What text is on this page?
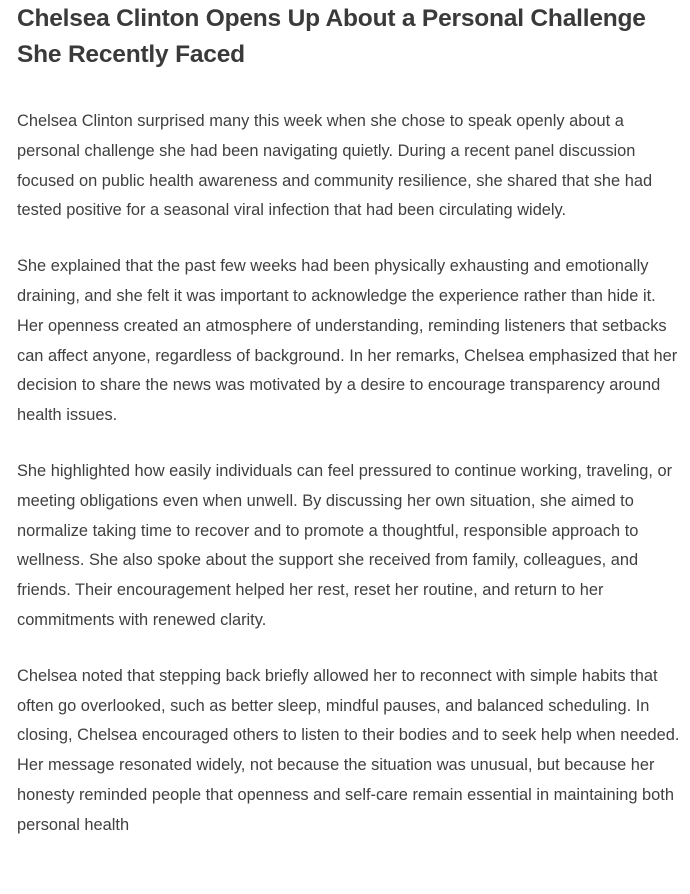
Chelsea Clinton Opens Up About a Personal Challenge She Recently Faced

Chelsea Clinton surprised many this week when she chose to speak openly about a personal challenge she had been navigating quietly. During a recent panel discussion focused on public health awareness and community resilience, she shared that she had tested positive for a seasonal viral infection that had been circulating widely.

She explained that the past few weeks had been physically exhausting and emotionally draining, and she felt it was important to acknowledge the experience rather than hide it. Her openness created an atmosphere of understanding, reminding listeners that setbacks can affect anyone, regardless of background. In her remarks, Chelsea emphasized that her decision to share the news was motivated by a desire to encourage transparency around health issues.

She highlighted how easily individuals can feel pressured to continue working, traveling, or meeting obligations even when unwell. By discussing her own situation, she aimed to normalize taking time to recover and to promote a thoughtful, responsible approach to wellness. She also spoke about the support she received from family, colleagues, and friends. Their encouragement helped her rest, reset her routine, and return to her commitments with renewed clarity.

Chelsea noted that stepping back briefly allowed her to reconnect with simple habits that often go overlooked, such as better sleep, mindful pauses, and balanced scheduling. In closing, Chelsea encouraged others to listen to their bodies and to seek help when needed. Her message resonated widely, not because the situation was unusual, but because her honesty reminded people that openness and self-care remain essential in maintaining both personal health
